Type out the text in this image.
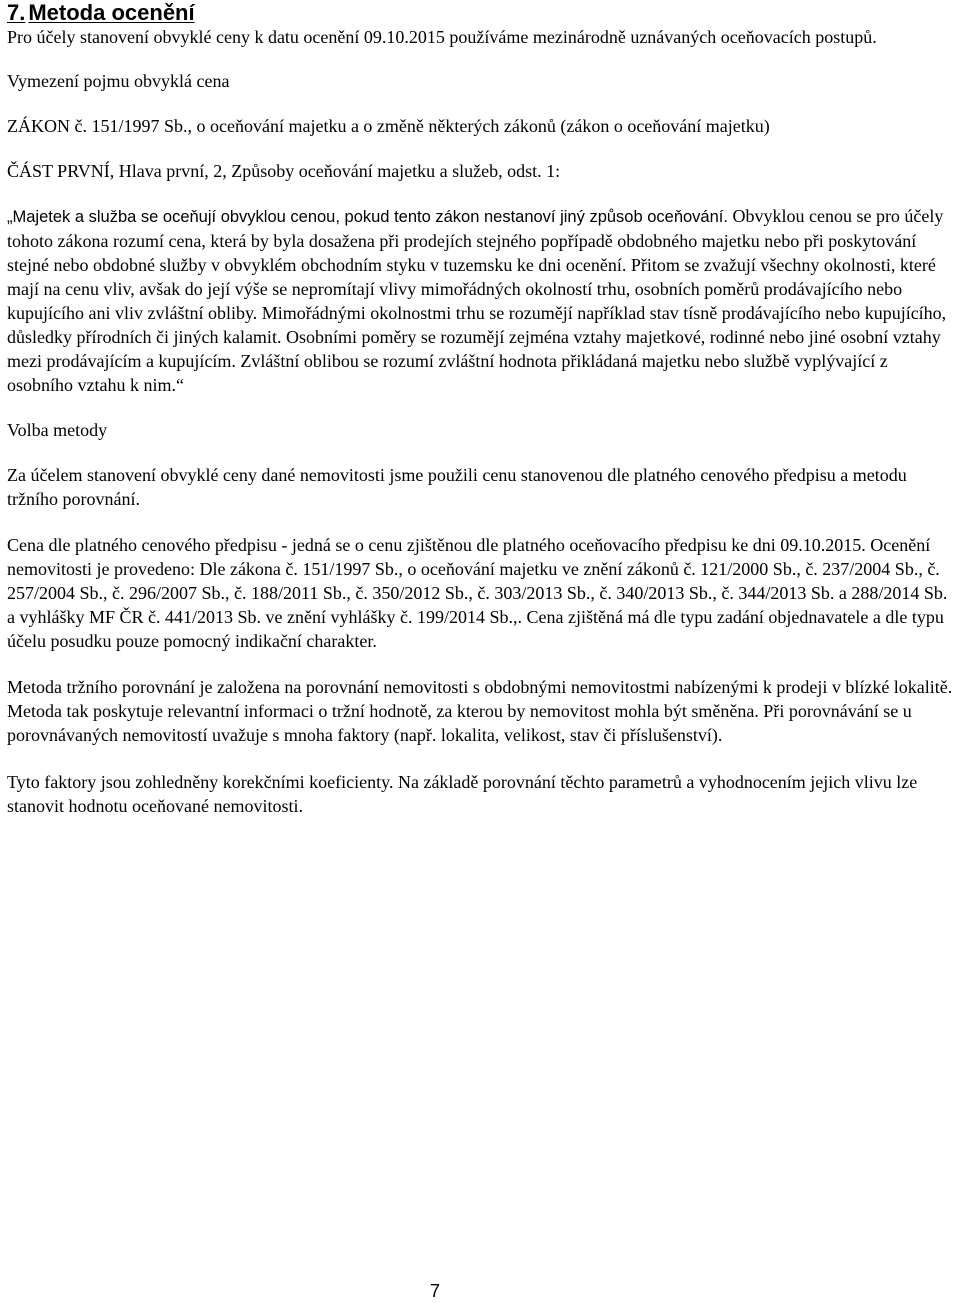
7. Metoda ocenění

Pro účely stanovení obvyklé ceny k datu ocenění 09.10.2015 používáme mezinárodně uznávaných oceňovacích postupů.

Vymezení pojmu obvyklá cena

ZÁKON č. 151/1997 Sb., o oceňování majetku a o změně některých zákonů (zákon o oceňování majetku)

ČÁST PRVNÍ, Hlava první, 2, Způsoby oceňování majetku a služeb, odst. 1:

„Majetek a služba se oceňují obvyklou cenou, pokud tento zákon nestanoví jiný způsob oceňování. Obvyklou cenou se pro účely tohoto zákona rozumí cena, která by byla dosažena při prodejích stejného popřípadě obdobného majetku nebo při poskytování stejné nebo obdobné služby v obvyklém obchodním styku v tuzemsku ke dni ocenění. Přitom se zvažují všechny okolnosti, které mají na cenu vliv, avšak do její výše se nepromítají vlivy mimořádných okolností trhu, osobních poměrů prodávajícího nebo kupujícího ani vliv zvláštní obliby. Mimořádnými okolnostmi trhu se rozumějí například stav tísně prodávajícího nebo kupujícího, důsledky přírodních či jiných kalamit. Osobními poměry se rozumějí zejména vztahy majetkové, rodinné nebo jiné osobní vztahy mezi prodávajícím a kupujícím. Zvláštní oblibou se rozumí zvláštní hodnota přikládaná majetku nebo službě vyplývající z osobního vztahu k nim.“

Volba metody

Za účelem stanovení obvyklé ceny dané nemovitosti jsme použili cenu stanovenou dle platného cenového předpisu a metodu tržního porovnání.

Cena dle platného cenového předpisu - jedná se o cenu zjištěnou dle platného oceňovacího předpisu ke dni 09.10.2015. Ocenění nemovitosti je provedeno: Dle zákona č. 151/1997 Sb., o oceňování majetku ve znění zákonů č. 121/2000 Sb., č. 237/2004 Sb., č. 257/2004 Sb., č. 296/2007 Sb., č. 188/2011 Sb., č. 350/2012 Sb., č. 303/2013 Sb., č. 340/2013 Sb., č. 344/2013 Sb. a 288/2014 Sb. a vyhlášky MF ČR č. 441/2013 Sb. ve znění vyhlášky č. 199/2014 Sb.,. Cena zjištěná má dle typu zadání objednavatele a dle typu účelu posudku pouze pomocný indikační charakter.

Metoda tržního porovnání je založena na porovnání nemovitosti s obdobnými nemovitostmi nabízenými k prodeji v blízké lokalitě. Metoda tak poskytuje relevantní informaci o tržní hodnotě, za kterou by nemovitost mohla být směněna. Při porovnávání se u porovnávaných nemovitostí uvažuje s mnoha faktory (např. lokalita, velikost, stav či příslušenství).

Tyto faktory jsou zohledněny korekčními koeficienty. Na základě porovnání těchto parametrů a vyhodnocením jejich vlivu lze stanovit hodnotu oceňované nemovitosti.

7
